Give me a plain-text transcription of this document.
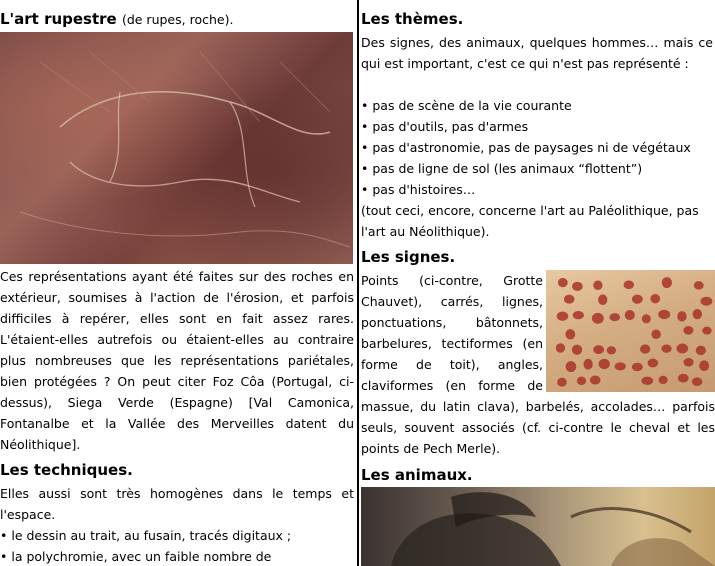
L'art rupestre (de rupes, roche).

Ces représentations ayant été faites sur des roches en extérieur, soumises à l'action de l'érosion, et parfois difficiles à repérer, elles sont en fait assez rares. L'étaient-elles autrefois ou étaient-elles au contraire plus nombreuses que les représentations pariétales, bien protégées ? On peut citer Foz Côa (Portugal, ci-dessus), Siega Verde (Espagne) [Val Camonica, Fontanalbe et la Vallée des Merveilles datent du Néolithique].

Les techniques.

Elles aussi sont très homogènes dans le temps et l'espace.

• le dessin au trait, au fusain, tracés digitaux ;
• la polychromie, avec un faible nombre de
Les thèmes.

Des signes, des animaux, quelques hommes… mais ce qui est important, c'est ce qui n'est pas représenté :

• pas de scène de la vie courante
• pas d'outils, pas d'armes
• pas d'astronomie, pas de paysages ni de végétaux
• pas de ligne de sol (les animaux “flottent”)
• pas d'histoires…

(tout ceci, encore, concerne l'art au Paléolithique, pas l'art au Néolithique).

Les signes.

Points (ci-contre, Grotte Chauvet), carrés, lignes, ponctuations, bâtonnets, barbelures, tectiformes (en forme de toit), angles, claviformes (en forme de massue, du latin clava), barbelés, accolades… parfois seuls, souvent associés (cf. ci-contre le cheval et les points de Pech Merle).

Les animaux.
